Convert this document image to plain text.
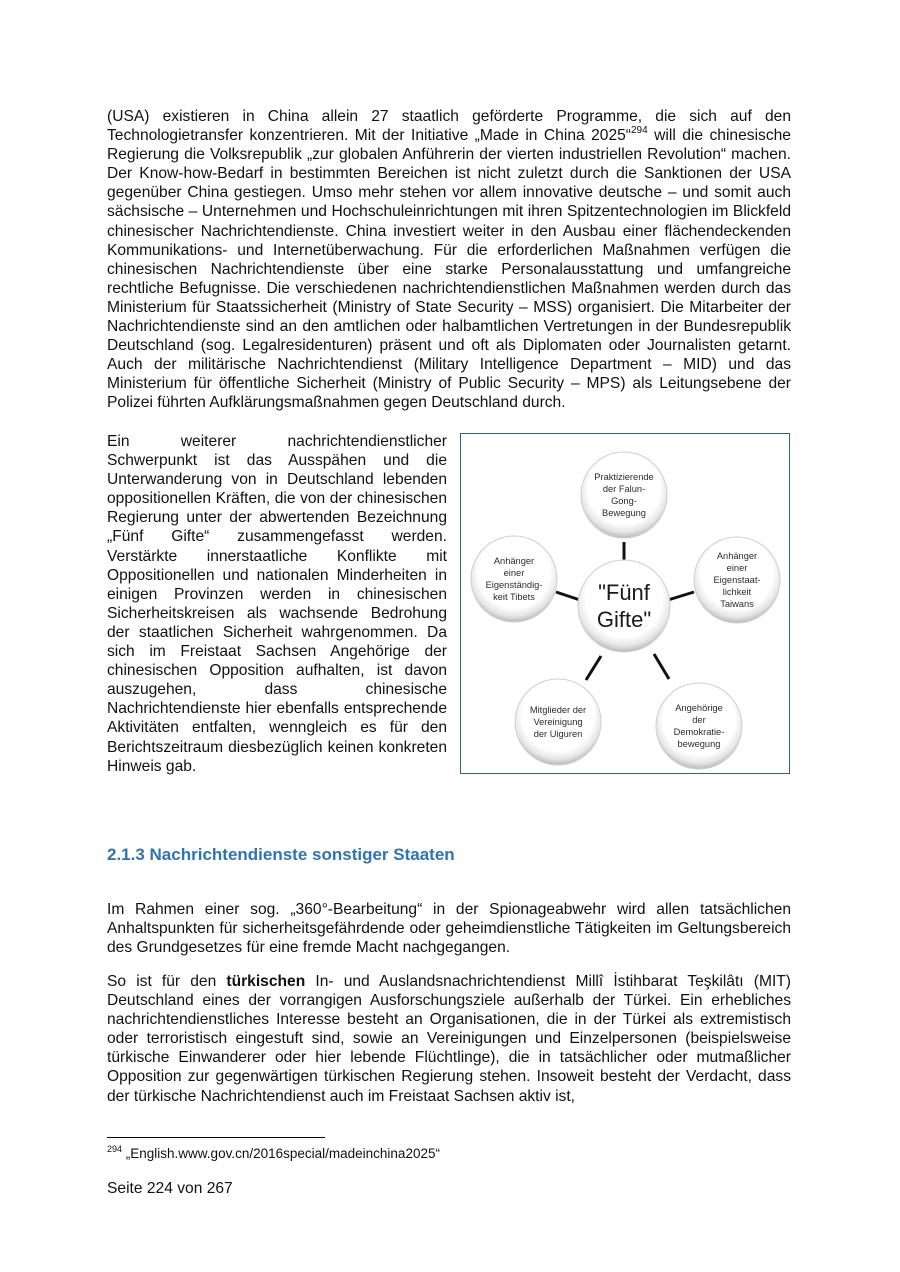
(USA) existieren in China allein 27 staatlich geförderte Programme, die sich auf den Technologietransfer konzentrieren. Mit der Initiative „Made in China 2025“$^{294}$ will die chinesische Regierung die Volksrepublik „zur globalen Anführerin der vierten industriellen Revolution“ machen. Der Know-how-Bedarf in bestimmten Bereichen ist nicht zuletzt durch die Sanktionen der USA gegenüber China gestiegen. Umso mehr stehen vor allem innovative deutsche – und somit auch sächsische – Unternehmen und Hochschuleinrichtungen mit ihren Spitzentechnologien im Blickfeld chinesischer Nachrichtendienste. China investiert weiter in den Ausbau einer flächendeckenden Kommunikations- und Internetüberwachung. Für die erforderlichen Maßnahmen verfügen die chinesischen Nachrichtendienste über eine starke Personalausstattung und umfangreiche rechtliche Befugnisse. Die verschiedenen nachrichtendienstlichen Maßnahmen werden durch das Ministerium für Staatssicherheit (Ministry of State Security – MSS) organisiert. Die Mitarbeiter der Nachrichtendienste sind an den amtlichen oder halbamtlichen Vertretungen in der Bundesrepublik Deutschland (sog. Legalresidenturen) präsent und oft als Diplomaten oder Journalisten getarnt. Auch der militärische Nachrichtendienst (Military Intelligence Department – MID) und das Ministerium für öffentliche Sicherheit (Ministry of Public Security – MPS) als Leitungsebene der Polizei führten Aufklärungsmaßnahmen gegen Deutschland durch.
Ein weiterer nachrichtendienstlicher Schwerpunkt ist das Ausspähen und die Unterwanderung von in Deutschland lebenden oppositionellen Kräften, die von der chinesischen Regierung unter der abwertenden Bezeichnung „Fünf Gifte“ zusammengefasst werden. Verstärkte innerstaatliche Konflikte mit Oppositionellen und nationalen Minderheiten in einigen Provinzen werden in chinesischen Sicherheitskreisen als wachsende Bedrohung der staatlichen Sicherheit wahrgenommen. Da sich im Freistaat Sachsen Angehörige der chinesischen Opposition aufhalten, ist davon auszugehen, dass chinesische Nachrichtendienste hier ebenfalls entsprechende Aktivitäten entfalten, wenngleich es für den Berichtszeitraum diesbezüglich keinen konkreten Hinweis gab.
"Fünf
Gifte"
Praktizierende
der Falun-
Gong-
Bewegung
Anhänger
einer
Eigenstaat-
lichkeit
Taiwans
Angehörige
der
Demokratie-
bewegung
Mitglieder der
Vereinigung
der Uiguren
Anhänger
einer
Eigenständig-
keit Tibets
2.1.3 Nachrichtendienste sonstiger Staaten
Im Rahmen einer sog. „360°-Bearbeitung“ in der Spionageabwehr wird allen tatsächlichen Anhaltspunkten für sicherheitsgefährdende oder geheimdienstliche Tätigkeiten im Geltungsbereich des Grundgesetzes für eine fremde Macht nachgegangen.
So ist für den türkischen In- und Auslandsnachrichtendienst Millî İstihbarat Teşkilâtı (MIT) Deutschland eines der vorrangigen Ausforschungsziele außerhalb der Türkei. Ein erhebliches nachrichtendienstliches Interesse besteht an Organisationen, die in der Türkei als extremistisch oder terroristisch eingestuft sind, sowie an Vereinigungen und Einzelpersonen (beispielsweise türkische Einwanderer oder hier lebende Flüchtlinge), die in tatsächlicher oder mutmaßlicher Opposition zur gegenwärtigen türkischen Regierung stehen. Insoweit besteht der Verdacht, dass der türkische Nachrichtendienst auch im Freistaat Sachsen aktiv ist,
$^{294}$ „English.www.gov.cn/2016special/madeinchina2025“
Seite 224 von 267
